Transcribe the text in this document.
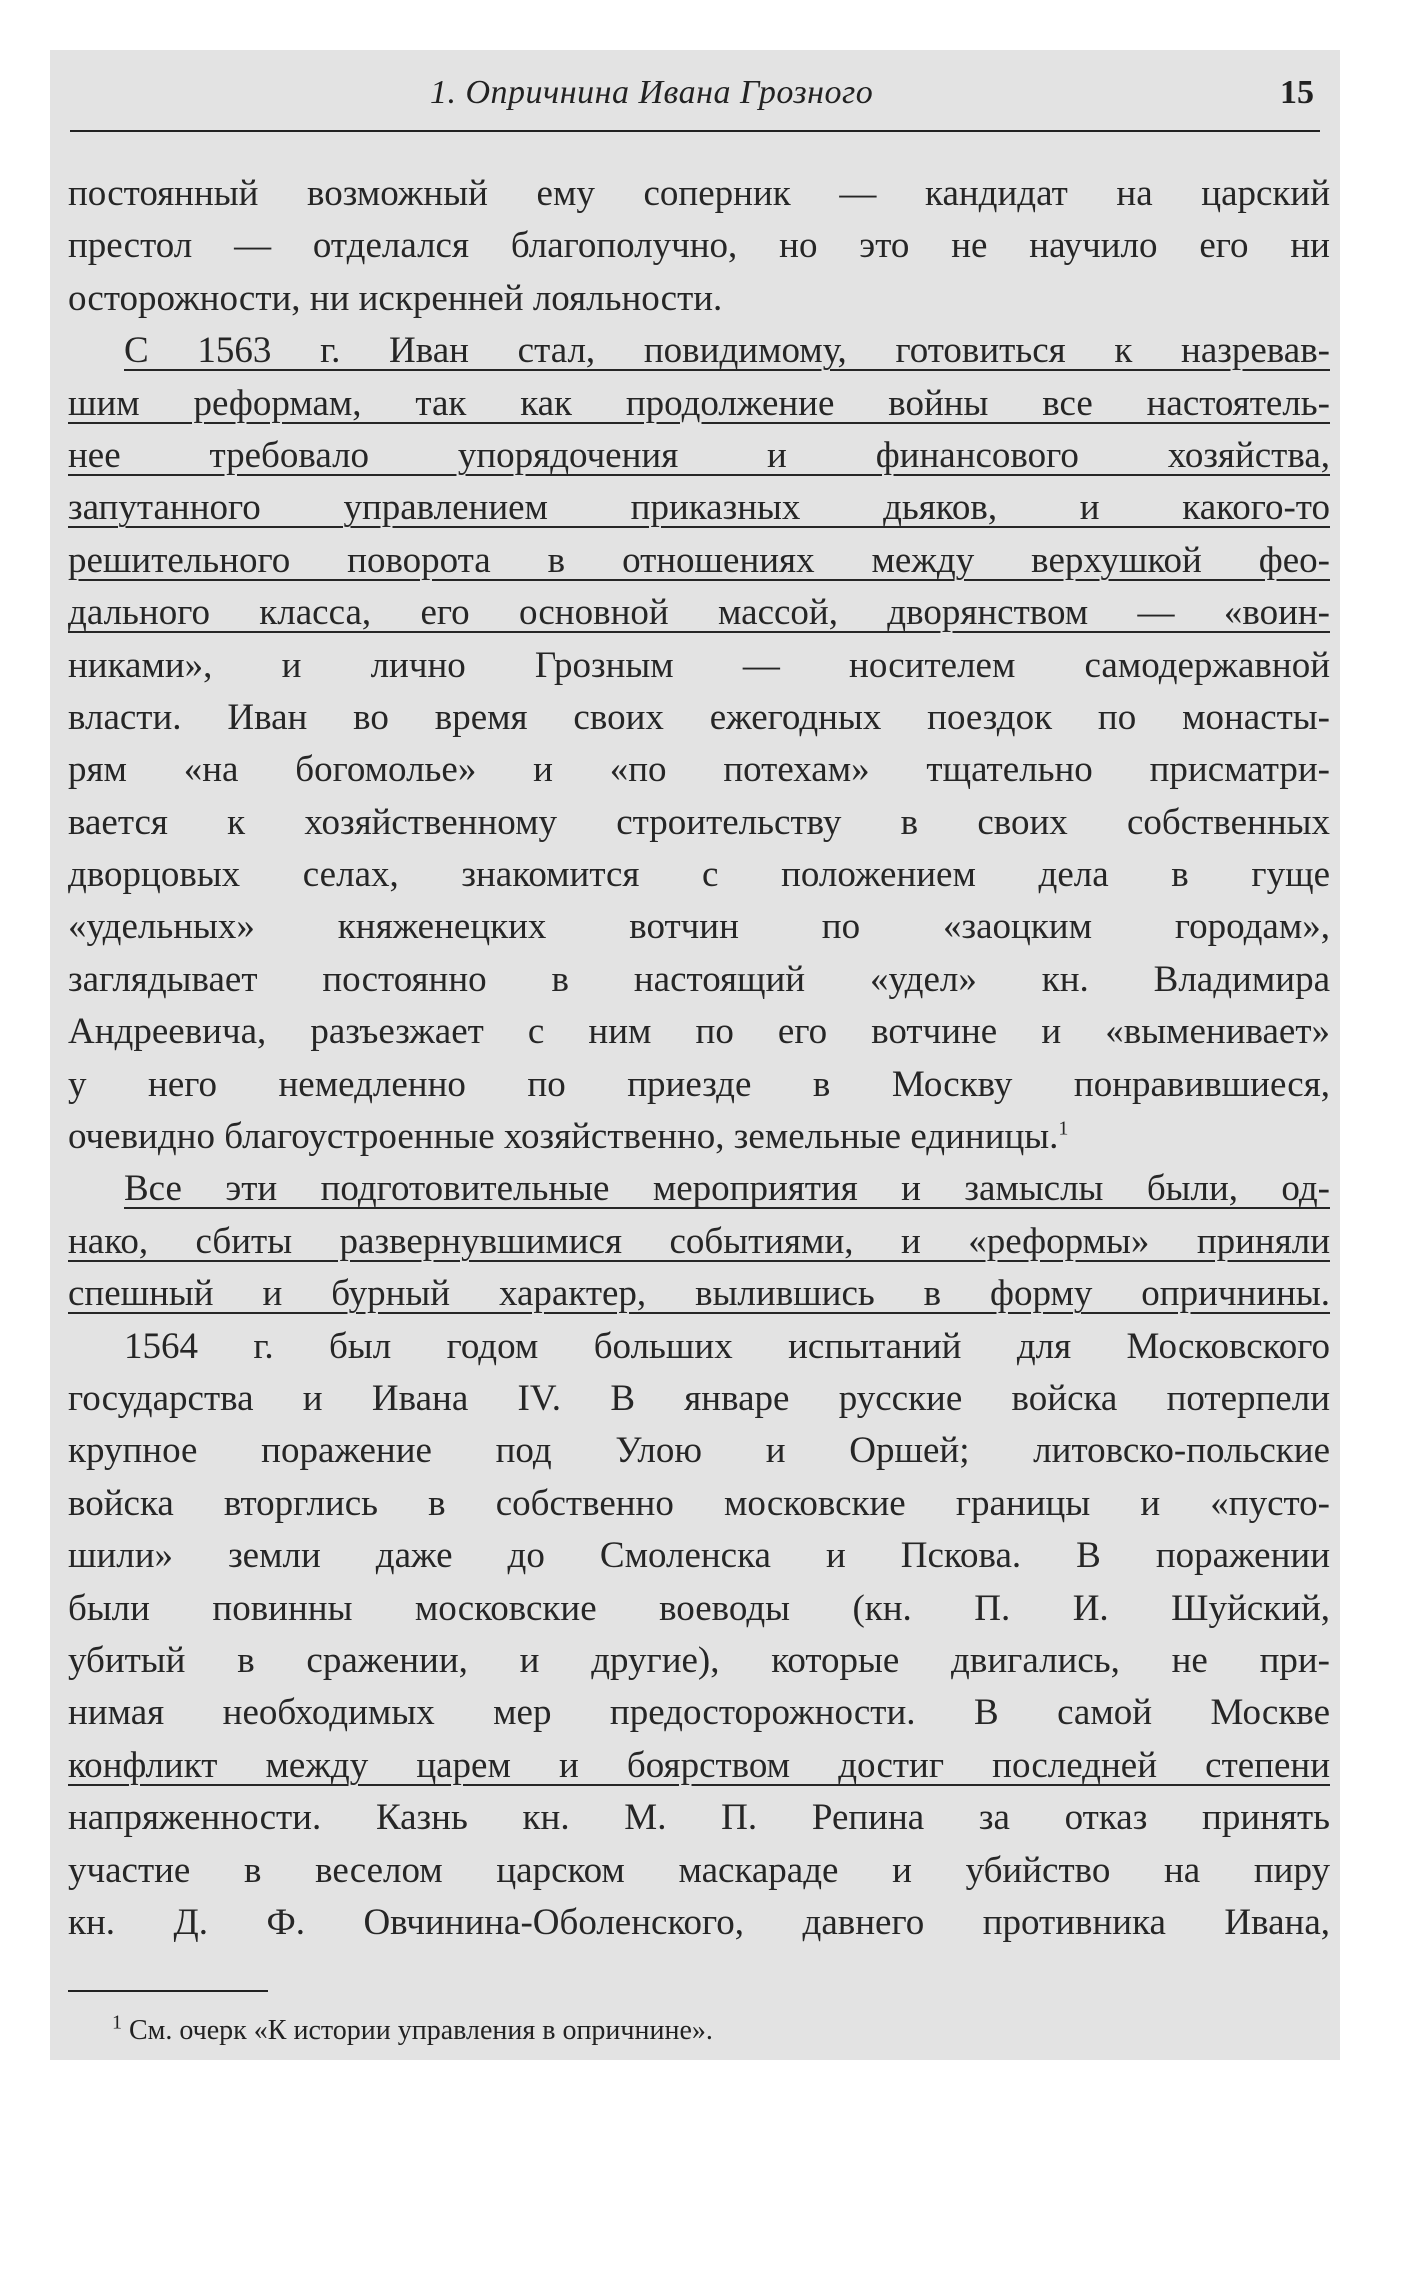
1. Опричнина Ивана Грозного	15
постоянный возможный ему соперник — кандидат на царский
престол — отделался благополучно, но это не научило его ни
осторожности, ни искренней лояльности.
С 1563 г. Иван стал, повидимому, готовиться к назревав-
шим реформам, так как продолжение войны все настоятель-
нее требовало упорядочения и финансового хозяйства,
запутанного управлением приказных дьяков, и какого-то
решительного поворота в отношениях между верхушкой фео-
дального класса, его основной массой, дворянством — «воин-
никами», и лично Грозным — носителем самодержавной
власти. Иван во время своих ежегодных поездок по монасты-
рям «на богомолье» и «по потехам» тщательно присматри-
вается к хозяйственному строительству в своих собственных
дворцовых селах, знакомится с положением дела в гуще
«удельных» княженецких вотчин по «заоцким городам»,
заглядывает постоянно в настоящий «удел» кн. Владимира
Андреевича, разъезжает с ним по его вотчине и «выменивает»
у него немедленно по приезде в Москву понравившиеся,
очевидно благоустроенные хозяйственно, земельные единицы.$^1$
Все эти подготовительные мероприятия и замыслы были, од-
нако, сбиты развернувшимися событиями, и «реформы» приняли
спешный и бурный характер, вылившись в форму опричнины.
1564 г. был годом больших испытаний для Московского
государства и Ивана IV. В январе русские войска потерпели
крупное поражение под Улою и Оршей; литовско-польские
войска вторглись в собственно московские границы и «пусто-
шили» земли даже до Смоленска и Пскова. В поражении
были повинны московские воеводы (кн. П. И. Шуйский,
убитый в сражении, и другие), которые двигались, не при-
нимая необходимых мер предосторожности. В самой Москве
конфликт между царем и боярством достиг последней степени
напряженности. Казнь кн. М. П. Репина за отказ принять
участие в веселом царском маскараде и убийство на пиру
кн. Д. Ф. Овчинина-Оболенского, давнего противника Ивана,
$^1$ См. очерк «К истории управления в опричнине».
